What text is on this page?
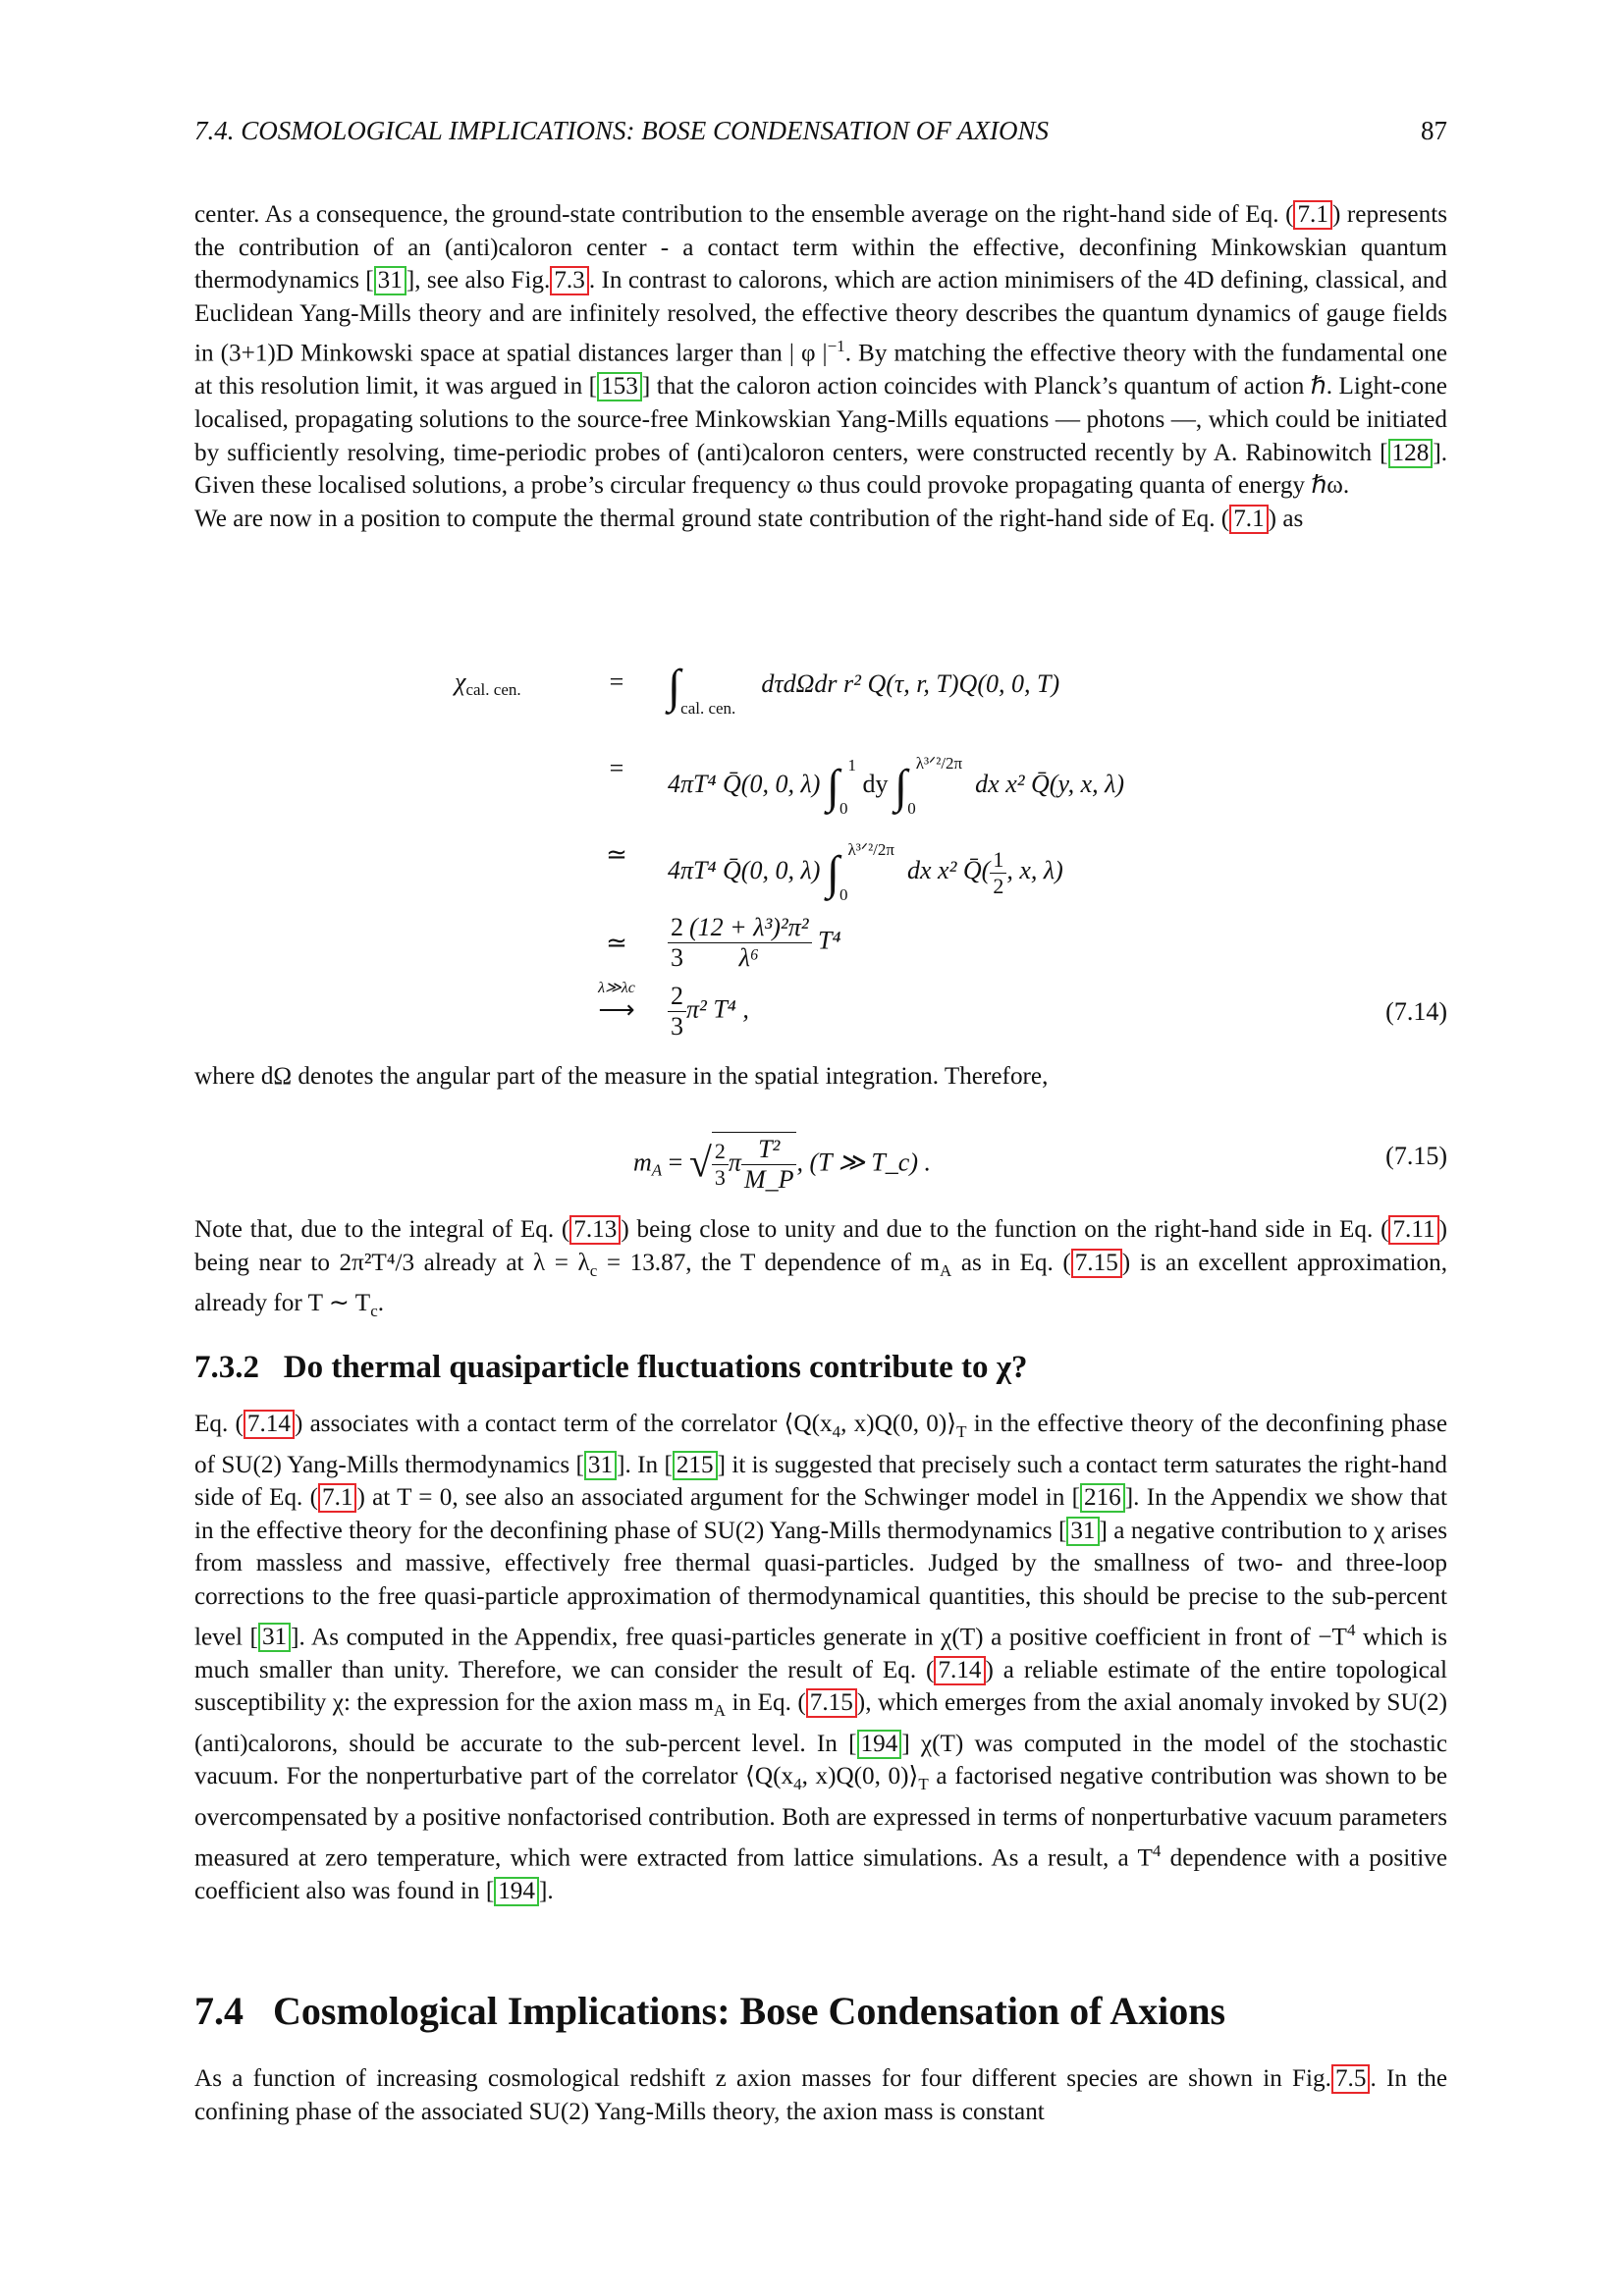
7.4. COSMOLOGICAL IMPLICATIONS: BOSE CONDENSATION OF AXIONS	87
center. As a consequence, the ground-state contribution to the ensemble average on the right-hand side of Eq. ( 7.1 ) represents the contribution of an (anti)caloron center - a contact term within the effective, deconfining Minkowskian quantum thermodynamics [ 31 ], see also Fig. 7.3 . In contrast to calorons, which are action minimisers of the 4D defining, classical, and Euclidean Yang-Mills theory and are infinitely resolved, the effective theory describes the quantum dynamics of gauge fields in (3+1)D Minkowski space at spatial distances larger than | φ $|^{-1}$. By matching the effective theory with the fundamental one at this resolution limit, it was argued in [ 153 ] that the caloron action coincides with Planck’s quantum of action ℏ. Light-cone localised, propagating solutions to the source-free Minkowskian Yang-Mills equations — photons —, which could be initiated by sufficiently resolving, time-periodic probes of (anti)caloron centers, were constructed recently by A. Rabinowitch [ 128 ]. Given these localised solutions, a probe’s circular frequency ω thus could provoke propagating quanta of energy ℏω.
We are now in a position to compute the thermal ground state contribution of the right-hand side of Eq. ( 7.1 ) as
$\chi_{cal. cen.}$	= $\int_{cal. cen.}$    dτdΩdr r² Q(τ, r, T)Q(0, 0, T)
=
4πT⁴ Q̄(0, 0, λ) $\int_0^1$ dy $\int_0^{\lambda^3ᐟ^2/2\pi}$  dx x² Q̄(y, x, λ)
≃
4πT⁴ Q̄(0, 0, λ) $\int_0^{\lambda^3ᐟ^2/2\pi}$  dx x² Q̄( $\frac{1}{2}$ , x, λ)
≃	$\frac{2}{3} \frac{\text{(12 + λ³)²π²}}{\text{λ⁶}} T^4$
λ≫λc
⟶	$\frac{2}{3} \pi^2$ T⁴ ,	(7.14)
where dΩ denotes the angular part of the measure in the spatial integration. Therefore,
$m_A$ = √ $\frac{2}{3}$ π $\frac{\text{T²}}{M\_P}$ , (T ≫ T_c) .	(7.15)
Note that, due to the integral of Eq. ( 7.13 ) being close to unity and due to the function on the right-hand side in Eq. ( 7.11 ) being near to 2π²T⁴/3 already at $\lambda = \lambda_c = 13.87$, the T dependence of $m_A$ as in Eq. ( 7.15 ) is an excellent approximation, already for T ∼ $T_c$.
7.3.2 Do thermal quasiparticle fluctuations contribute to χ?
Eq. ( 7.14 ) associates with a contact term of the correlator $⟨Q(x_4$, x)Q(0, $0)⟩_T$ in the effective theory of the deconfining phase of SU(2) Yang-Mills thermodynamics [ 31 ]. In [ 215 ] it is suggested that precisely such a contact term saturates the right-hand side of Eq. ( 7.1 ) at T = 0, see also an associated argument for the Schwinger model in [ 216 ]. In the Appendix we show that in the effective theory for the deconfining phase of SU(2) Yang-Mills thermodynamics [ 31 ] a negative contribution to χ arises from massless and massive, effectively free thermal quasi-particles. Judged by the smallness of two- and three-loop corrections to the free quasi-particle approximation of thermodynamical quantities, this should be precise to the sub-percent level [ 31 ]. As computed in the Appendix, free quasi-particles generate in χ(T) a positive coefficient in front of $-T^4$ which is much smaller than unity. Therefore, we can consider the result of Eq. ( 7.14 ) a reliable estimate of the entire topological susceptibility χ: the expression for the axion mass $m_A$ in Eq. ( 7.15 ), which emerges from the axial anomaly invoked by SU(2) (anti)calorons, should be accurate to the sub-percent level. In [ 194 ] χ(T) was computed in the model of the stochastic vacuum. For the nonperturbative part of the correlator $⟨Q(x_4$, x)Q(0, $0)⟩_T$ a factorised negative contribution was shown to be overcompensated by a positive nonfactorised contribution. Both are expressed in terms of nonperturbative vacuum parameters measured at zero temperature, which were extracted from lattice simulations. As a result, a $T^4$ dependence with a positive coefficient also was found in [ 194 ].
7.4 Cosmological Implications: Bose Condensation of Axions
As a function of increasing cosmological redshift z axion masses for four different species are shown in Fig. 7.5 . In the confining phase of the associated SU(2) Yang-Mills theory, the axion mass is constant
